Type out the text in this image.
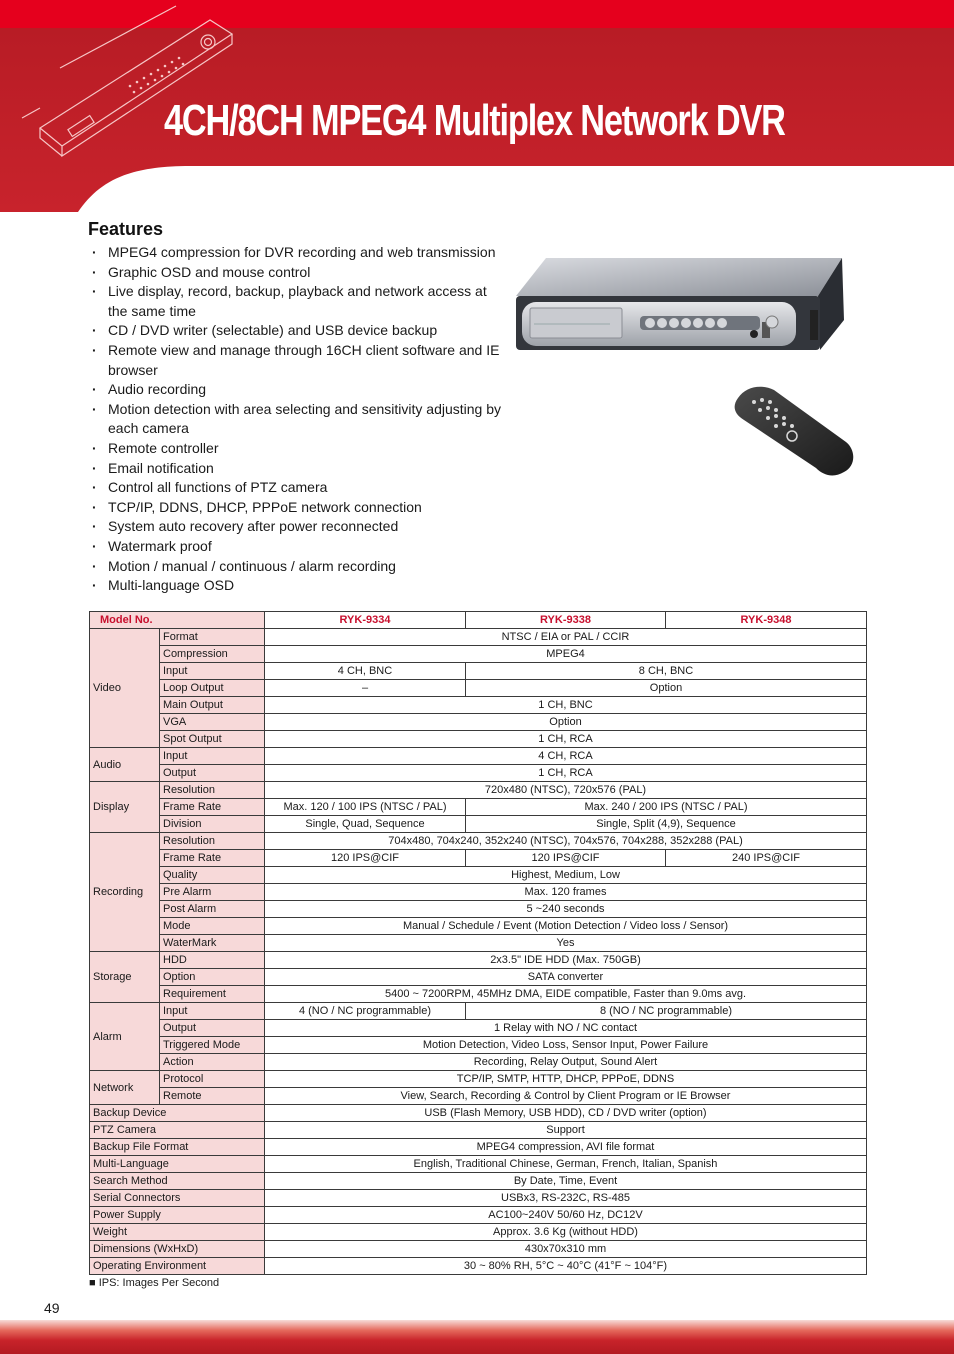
4CH/8CH MPEG4 Multiplex Network DVR
Features
· MPEG4 compression for DVR recording and web transmission
· Graphic OSD and mouse control
· Live display, record, backup, playback and network access at the same time
· CD / DVD writer (selectable) and USB device backup
· Remote view and manage through 16CH client software and IE browser
· Audio recording
· Motion detection with area selecting and sensitivity adjusting by each camera
· Remote controller
· Email notification
· Control all functions of PTZ camera
· TCP/IP, DDNS, DHCP, PPPoE network connection
· System auto recovery after power reconnected
· Watermark proof
· Motion / manual / continuous / alarm recording
· Multi-language OSD
Model No.		RYK-9334	RYK-9338	RYK-9348
Video	Format	NTSC / EIA or PAL / CCIR		
	Compression	MPEG4		
	Input	4 CH, BNC	8 CH, BNC	
	Loop Output	–	Option	
	Main Output	1 CH, BNC		
	VGA	Option		
	Spot Output	1 CH, RCA		
Audio	Input	4 CH, RCA		
	Output	1 CH, RCA		
Display	Resolution	720x480 (NTSC), 720x576 (PAL)		
	Frame Rate	Max. 120 / 100 IPS (NTSC / PAL)	Max. 240 / 200 IPS (NTSC / PAL)	
	Division	Single, Quad, Sequence	Single, Split (4,9), Sequence	
Recording	Resolution	704x480, 704x240, 352x240 (NTSC), 704x576, 704x288, 352x288 (PAL)		
	Frame Rate	120 IPS@CIF	120 IPS@CIF	240 IPS@CIF
	Quality	Highest, Medium, Low		
	Pre Alarm	Max. 120 frames		
	Post Alarm	5 ~240 seconds		
	Mode	Manual / Schedule / Event (Motion Detection / Video loss / Sensor)		
	WaterMark	Yes		
Storage	HDD	2x3.5" IDE HDD (Max. 750GB)		
	Option	SATA converter		
	Requirement	5400 ~ 7200RPM, 45MHz DMA, EIDE compatible, Faster than 9.0ms avg.		
Alarm	Input	4 (NO / NC programmable)	8 (NO / NC programmable)	
	Output	1 Relay with NO / NC contact		
	Triggered Mode	Motion Detection, Video Loss, Sensor Input, Power Failure		
	Action	Recording, Relay Output, Sound Alert		
Network	Protocol	TCP/IP, SMTP, HTTP, DHCP, PPPoE, DDNS		
	Remote	View, Search, Recording & Control by Client Program or IE Browser		
Backup Device		USB (Flash Memory, USB HDD), CD / DVD writer (option)		
PTZ Camera		Support		
Backup File Format		MPEG4 compression, AVI file format		
Multi-Language		English, Traditional Chinese, German, French, Italian, Spanish		
Search Method		By Date, Time, Event		
Serial Connectors		USBx3, RS-232C, RS-485		
Power Supply		AC100~240V 50/60 Hz, DC12V		
Weight		Approx. 3.6 Kg (without HDD)		
Dimensions (WxHxD)		430x70x310 mm		
Operating Environment		30 ~ 80% RH, 5°C ~ 40°C (41°F ~ 104°F)		

■ IPS: Images Per Second

49
